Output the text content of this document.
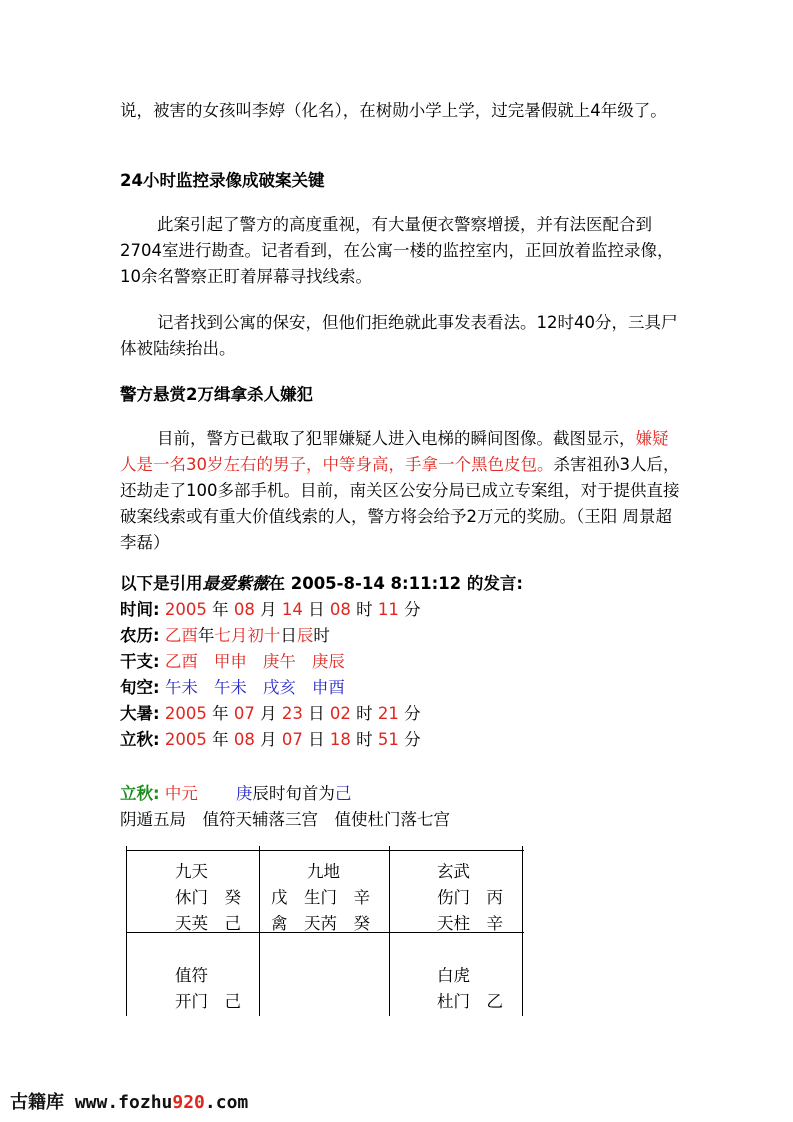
说，被害的女孩叫李婷（化名），在树勋小学上学，过完暑假就上4年级了。
24小时监控录像成破案关键
此案引起了警方的高度重视，有大量便衣警察增援，并有法医配合到2704室进行勘查。记者看到，在公寓一楼的监控室内，正回放着监控录像，10余名警察正盯着屏幕寻找线索。
记者找到公寓的保安，但他们拒绝就此事发表看法。12时40分，三具尸体被陆续抬出。
警方悬赏2万缉拿杀人嫌犯
目前，警方已截取了犯罪嫌疑人进入电梯的瞬间图像。截图显示，嫌疑人是一名30岁左右的男子，中等身高，手拿一个黑色皮包。杀害祖孙3人后，还劫走了100多部手机。目前，南关区公安分局已成立专案组，对于提供直接破案线索或有重大价值线索的人，警方将会给予2万元的奖励。（王阳 周景超 李磊）
以下是引用最爱紫薇在 2005-8-14 8:11:12 的发言:
时间: 2005 年 08 月 14 日 08 时 11 分
农历: 乙酉年七月初十日辰时
干支: 乙酉 甲申 庚午 庚辰
旬空: 午未 午未 戌亥 申酉
大暑: 2005 年 07 月 23 日 02 时 21 分
立秋: 2005 年 08 月 07 日 18 时 51 分
立秋: 中元 庚辰时旬首为己
阴遁五局　值符天辅落三宫　值使杜门落七宫
九天
休门　癸
天英　己
九地
戊　生门　辛
禽　天芮　癸
玄武
伤门　丙
天柱　辛
值符
开门　己
白虎
杜门　乙
古籍库 www.fozhu920.com
